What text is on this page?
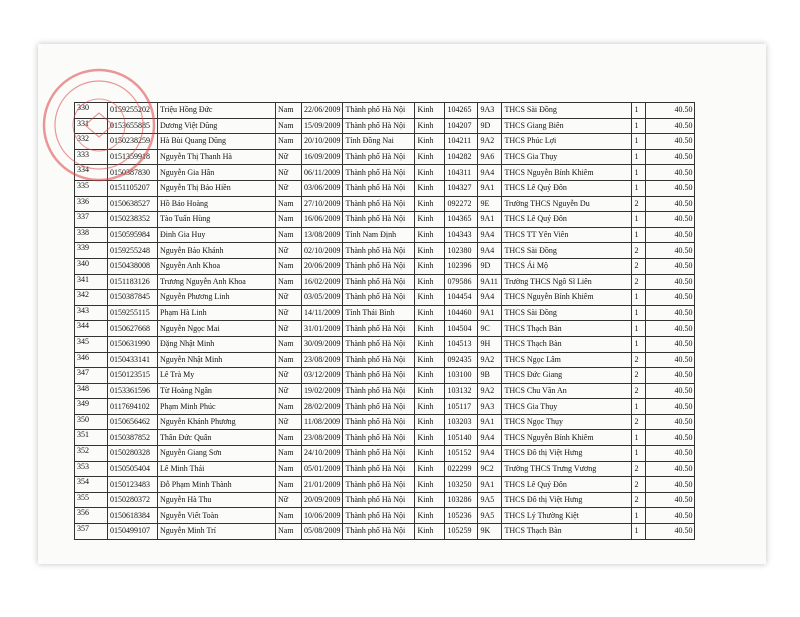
330	0159255202	Triệu Hồng Đức	Nam	22/06/2009	Thành phố Hà Nội	Kinh	104265	9A3	THCS Sài Đồng	1	40.50
331	0153655885	Dương Việt Dũng	Nam	15/09/2009	Thành phố Hà Nội	Kinh	104207	9D	THCS Giang Biên	1	40.50
332	0150238259	Hà Bùi Quang Dũng	Nam	20/10/2009	Tỉnh Đồng Nai	Kinh	104211	9A2	THCS Phúc Lợi	1	40.50
333	0151359918	Nguyễn Thị Thanh Hà	Nữ	16/09/2009	Thành phố Hà Nội	Kinh	104282	9A6	THCS Gia Thụy	1	40.50
334	0150387830	Nguyễn Gia Hân	Nữ	06/11/2009	Thành phố Hà Nội	Kinh	104311	9A4	THCS Nguyễn Bỉnh Khiêm	1	40.50
335	0151105207	Nguyễn Thị Bảo Hiền	Nữ	03/06/2009	Thành phố Hà Nội	Kinh	104327	9A1	THCS Lê Quý Đôn	1	40.50
336	0150638527	Hồ Bảo Hoàng	Nam	27/10/2009	Thành phố Hà Nội	Kinh	092272	9E	Trường THCS Nguyễn Du	2	40.50
337	0150238352	Tào Tuấn Hùng	Nam	16/06/2009	Thành phố Hà Nội	Kinh	104365	9A1	THCS Lê Quý Đôn	1	40.50
338	0150595984	Đinh Gia Huy	Nam	13/08/2009	Tỉnh Nam Định	Kinh	104343	9A4	THCS TT Yên Viên	1	40.50
339	0159255248	Nguyễn Bảo Khánh	Nữ	02/10/2009	Thành phố Hà Nội	Kinh	102380	9A4	THCS Sài Đồng	2	40.50
340	0150438008	Nguyễn Anh Khoa	Nam	20/06/2009	Thành phố Hà Nội	Kinh	102396	9D	THCS Ái Mộ	2	40.50
341	0151183126	Trương Nguyễn Anh Khoa	Nam	16/02/2009	Thành phố Hà Nội	Kinh	079586	9A11	Trường THCS Ngô Sĩ Liên	2	40.50
342	0150387845	Nguyễn Phương Linh	Nữ	03/05/2009	Thành phố Hà Nội	Kinh	104454	9A4	THCS Nguyễn Bỉnh Khiêm	1	40.50
343	0159255115	Phạm Hà Linh	Nữ	14/11/2009	Tỉnh Thái Bình	Kinh	104460	9A1	THCS Sài Đồng	1	40.50
344	0150627668	Nguyễn Ngọc Mai	Nữ	31/01/2009	Thành phố Hà Nội	Kinh	104504	9C	THCS Thạch Bàn	1	40.50
345	0150631990	Đặng Nhật Minh	Nam	30/09/2009	Thành phố Hà Nội	Kinh	104513	9H	THCS Thạch Bàn	1	40.50
346	0150433141	Nguyễn Nhật Minh	Nam	23/08/2009	Thành phố Hà Nội	Kinh	092435	9A2	THCS Ngọc Lâm	2	40.50
347	0150123515	Lê Trà My	Nữ	03/12/2009	Thành phố Hà Nội	Kinh	103100	9B	THCS Đức Giang	2	40.50
348	0153361596	Từ Hoàng Ngân	Nữ	19/02/2009	Thành phố Hà Nội	Kinh	103132	9A2	THCS Chu Văn An	2	40.50
349	0117694102	Phạm Minh Phúc	Nam	28/02/2009	Thành phố Hà Nội	Kinh	105117	9A3	THCS Gia Thụy	1	40.50
350	0150656462	Nguyễn Khánh Phương	Nữ	11/08/2009	Thành phố Hà Nội	Kinh	103203	9A1	THCS Ngọc Thụy	2	40.50
351	0150387852	Thân Đức Quân	Nam	23/08/2009	Thành phố Hà Nội	Kinh	105140	9A4	THCS Nguyễn Bỉnh Khiêm	1	40.50
352	0150280328	Nguyễn Giang Sơn	Nam	24/10/2009	Thành phố Hà Nội	Kinh	105152	9A4	THCS Đô thị Việt Hưng	1	40.50
353	0150505404	Lê Minh Thái	Nam	05/01/2009	Thành phố Hà Nội	Kinh	022299	9C2	Trường THCS Trưng Vương	2	40.50
354	0150123483	Đỗ Phạm Minh Thành	Nam	21/01/2009	Thành phố Hà Nội	Kinh	103250	9A1	THCS Lê Quý Đôn	2	40.50
355	0150280372	Nguyễn Hà Thu	Nữ	20/09/2009	Thành phố Hà Nội	Kinh	103286	9A5	THCS Đô thị Việt Hưng	2	40.50
356	0150618384	Nguyễn Viết Toàn	Nam	10/06/2009	Thành phố Hà Nội	Kinh	105236	9A5	THCS Lý Thường Kiệt	1	40.50
357	0150499107	Nguyễn Minh Trí	Nam	05/08/2009	Thành phố Hà Nội	Kinh	105259	9K	THCS Thạch Bàn	1	40.50
